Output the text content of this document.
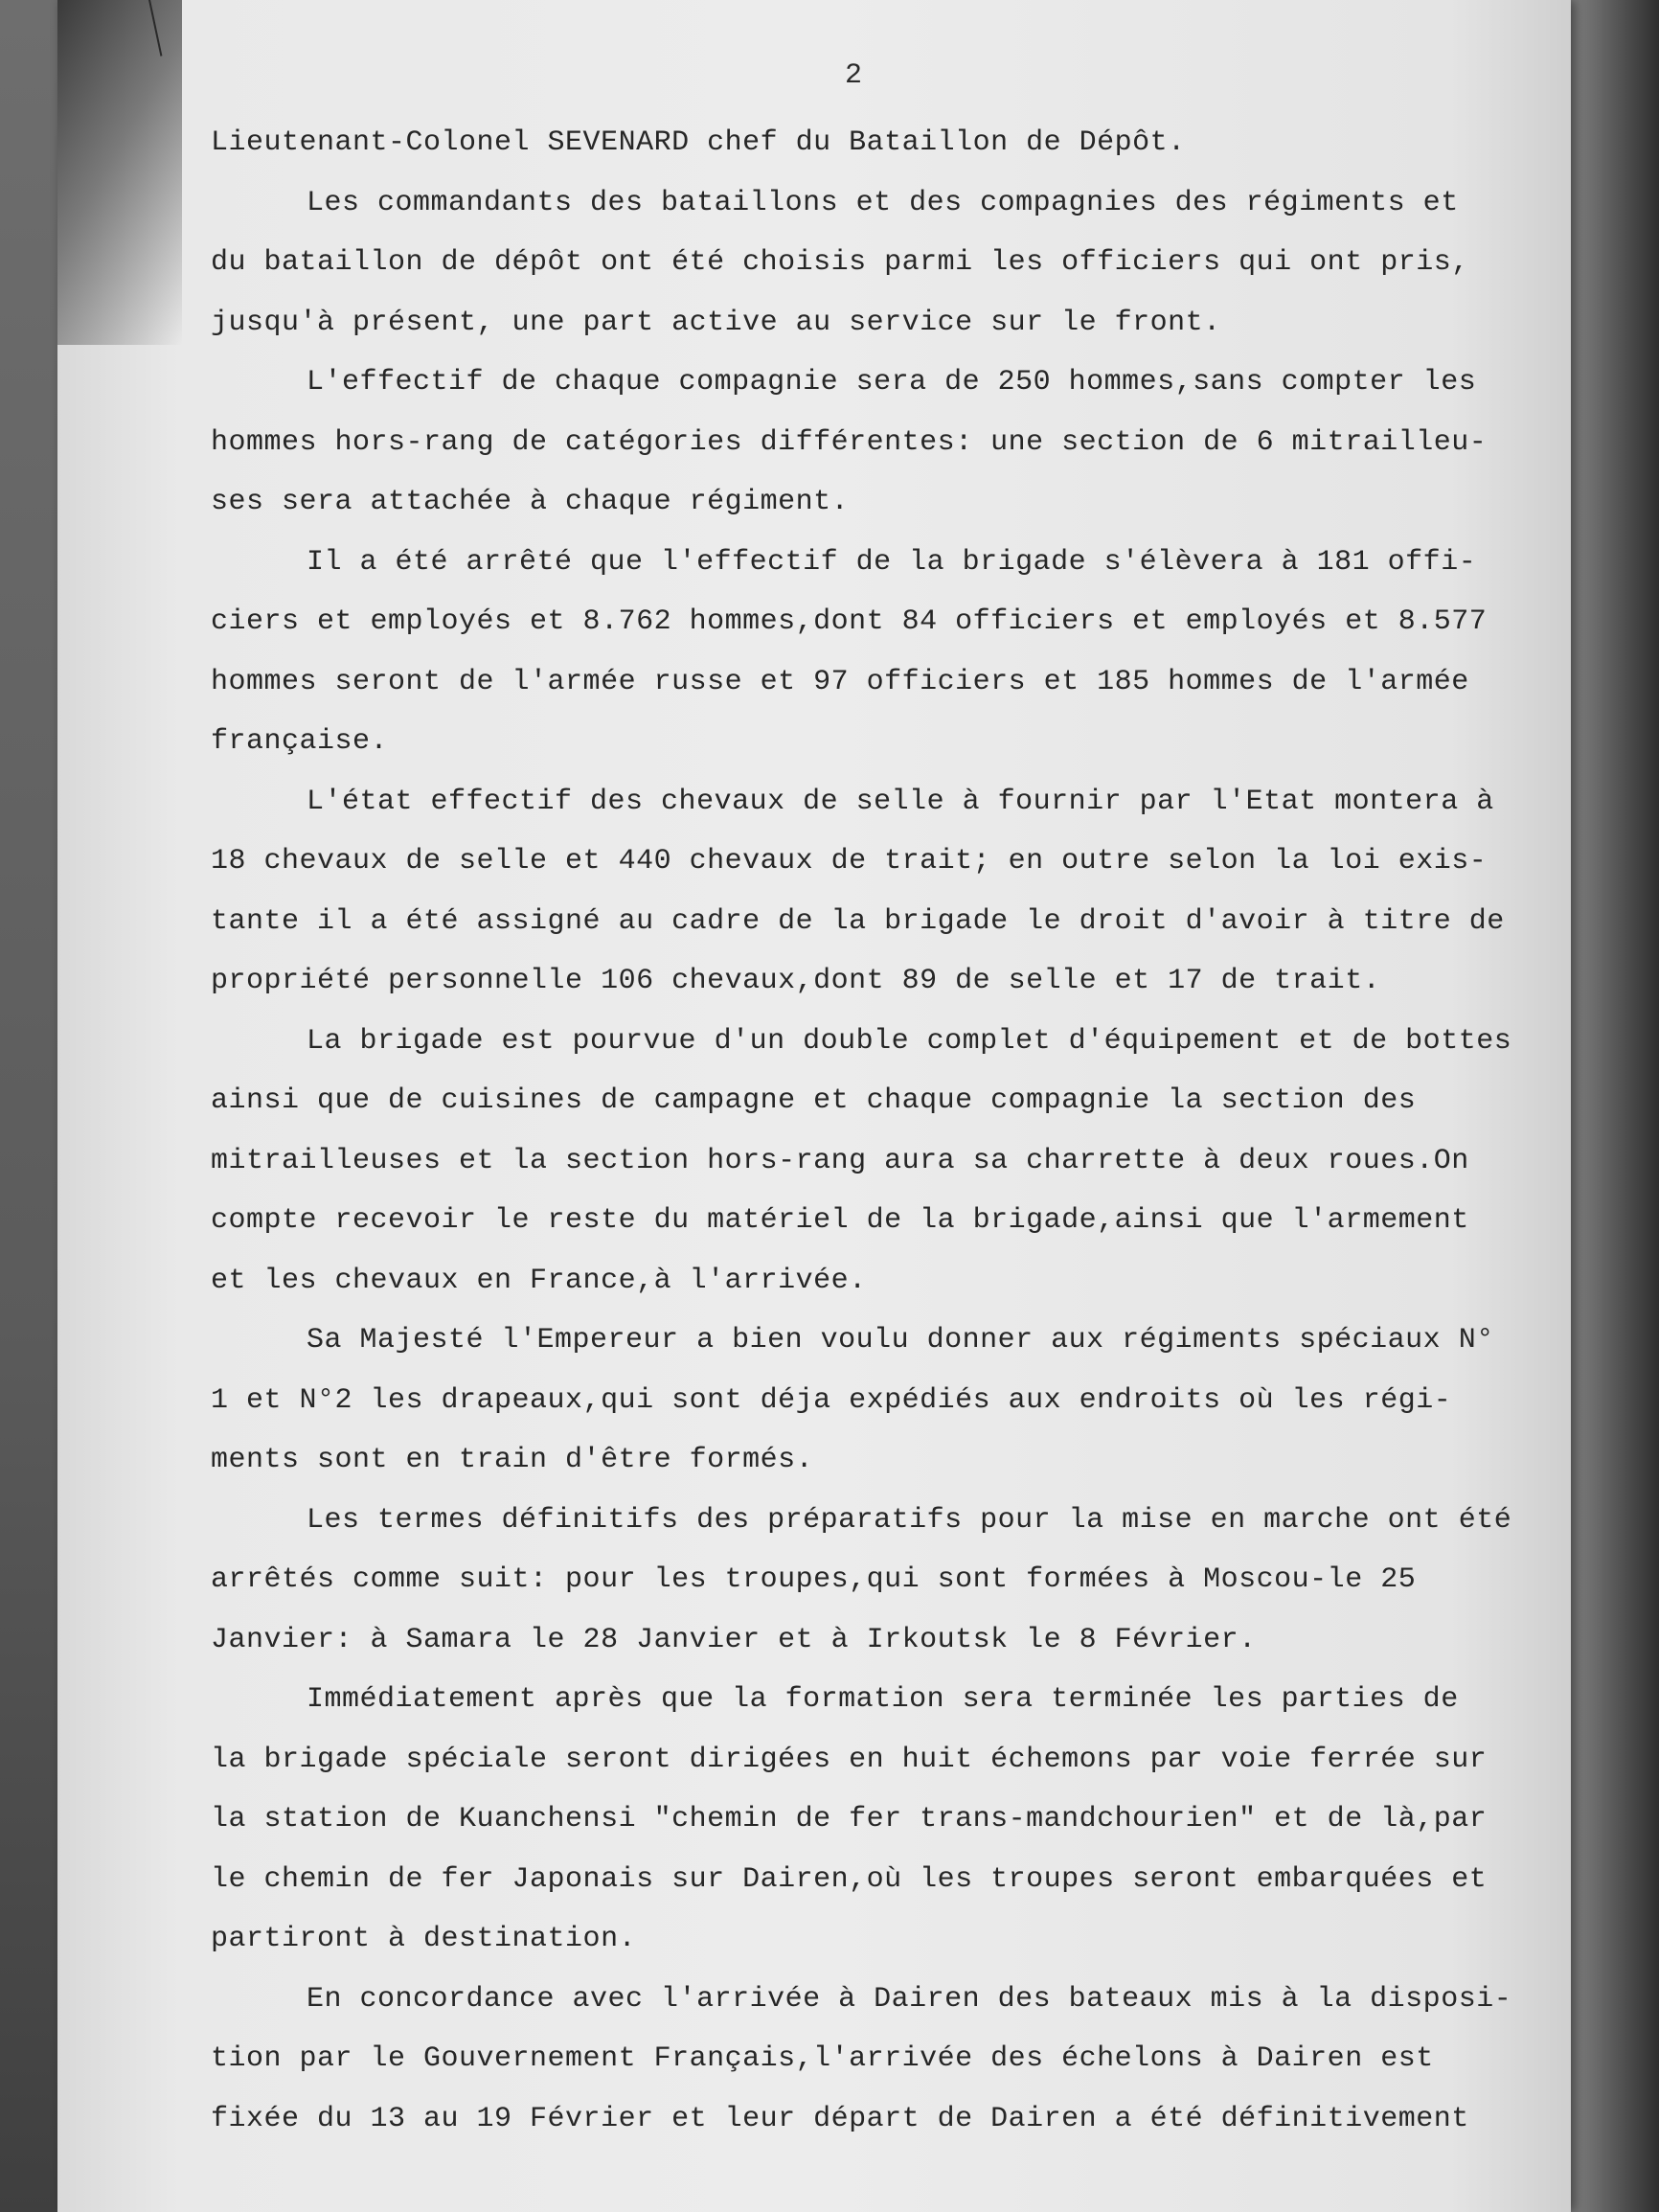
2
Lieutenant-Colonel SEVENARD chef du Bataillon de Dépôt.
Les commandants des bataillons et des compagnies des régiments et
du bataillon de dépôt ont été choisis parmi les officiers qui ont pris,
jusqu'à présent, une part active au service sur le front.
L'effectif de chaque compagnie sera de 250 hommes,sans compter les
hommes hors-rang de catégories différentes: une section de 6 mitrailleu-
ses sera attachée à chaque régiment.
Il a été arrêté que l'effectif de la brigade s'élèvera à 181 offi-
ciers et employés et 8.762 hommes,dont 84 officiers et employés et 8.577
hommes seront de l'armée russe et 97 officiers et 185 hommes de l'armée
française.
L'état effectif des chevaux de selle à fournir par l'Etat montera à
18 chevaux de selle et 440 chevaux de trait; en outre selon la loi exis-
tante il a été assigné au cadre de la brigade le droit d'avoir à titre de
propriété personnelle 106 chevaux,dont 89 de selle et 17 de trait.
La brigade est pourvue d'un double complet d'équipement et de bottes
ainsi que de cuisines de campagne et chaque compagnie la section des
mitrailleuses et la section hors-rang aura sa charrette à deux roues.On
compte recevoir le reste du matériel de la brigade,ainsi que l'armement
et les chevaux en France,à l'arrivée.
Sa Majesté l'Empereur a bien voulu donner aux régiments spéciaux N°
1 et N°2 les drapeaux,qui sont déja expédiés aux endroits où les régi-
ments sont en train d'être formés.
Les termes définitifs des préparatifs pour la mise en marche ont été
arrêtés comme suit: pour les troupes,qui sont formées à Moscou-le 25
Janvier: à Samara le 28 Janvier et à Irkoutsk le 8 Février.
Immédiatement après que la formation sera terminée les parties de
la brigade spéciale seront dirigées en huit échemons par voie ferrée sur
la station de Kuanchensi "chemin de fer trans-mandchourien" et de là,par
le chemin de fer Japonais sur Dairen,où les troupes seront embarquées et
partiront à destination.
En concordance avec l'arrivée à Dairen des bateaux mis à la disposi-
tion par le Gouvernement Français,l'arrivée des échelons à Dairen est
fixée du 13 au 19 Février et leur départ de Dairen a été définitivement
